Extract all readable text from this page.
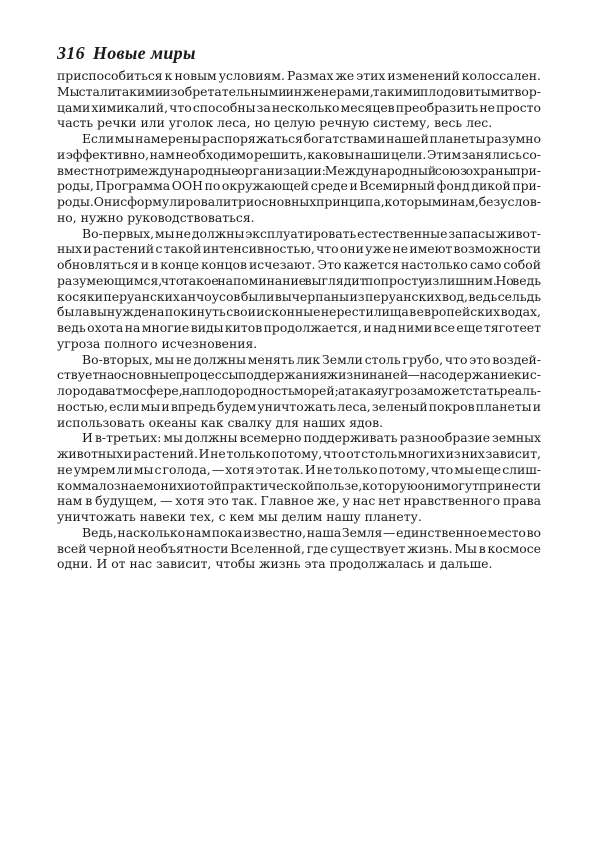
316 Новые миры
приспособиться к новым условиям. Размах же этих изменений колоссален.
Мы стали такими изобретательными инженерами, такими плодовитыми твор-
цами химикалий, что способны за несколько месяцев преобразить не просто
часть речки или уголок леса, но целую речную систему, весь лес.
Если мы намерены распоряжаться богатствами нашей планеты разумно
и эффективно, нам необходимо решить, каковы наши цели. Этим занялись со-
вместно три международные организации: Международный союз охраны при-
роды, Программа ООН по окружающей среде и Всемирный фонд дикой при-
роды. Они сформулировали три основных принципа, которыми нам, безуслов-
но, нужно руководствоваться.
Во-первых, мы не должны эксплуатировать естественные запасы живот-
ных и растений с такой интенсивностью, что они уже не имеют возможности
обновляться и в конце концов исчезают. Это кажется настолько само собой
разумеющимся, что такое напоминание выглядит попросту излишним. Но ведь
косяки перуанских анчоусов были вычерпаны из перуанских вод, ведь сельдь
была вынуждена покинуть свои исконные нерестилища в европейских водах,
ведь охота на многие виды китов продолжается, и над ними все еще тяготеет
угроза полного исчезновения.
Во-вторых, мы не должны менять лик Земли столь грубо, что это воздей-
ствует на основные процессы поддержания жизни на ней — на содержание кис-
лорода в атмосфере, на плодородность морей; а такая угроза может стать реаль-
ностью, если мы и впредь будем уничтожать леса, зеленый покров планеты и
использовать океаны как свалку для наших ядов.
И в-третьих: мы должны всемерно поддерживать разнообразие земных
животных и растений. И не только потому, что от столь многих из них зависит,
не умрем ли мы с голода, — хотя это так. И не только потому, что мы еще слиш-
ком мало знаем о них и о той практической пользе, которую они могут принести
нам в будущем, — хотя это так. Главное же, у нас нет нравственного права
уничтожать навеки тех, с кем мы делим нашу планету.
Ведь, насколько нам пока известно, наша Земля — единственное место во
всей черной необъятности Вселенной, где существует жизнь. Мы в космосе
одни. И от нас зависит, чтобы жизнь эта продолжалась и дальше.
